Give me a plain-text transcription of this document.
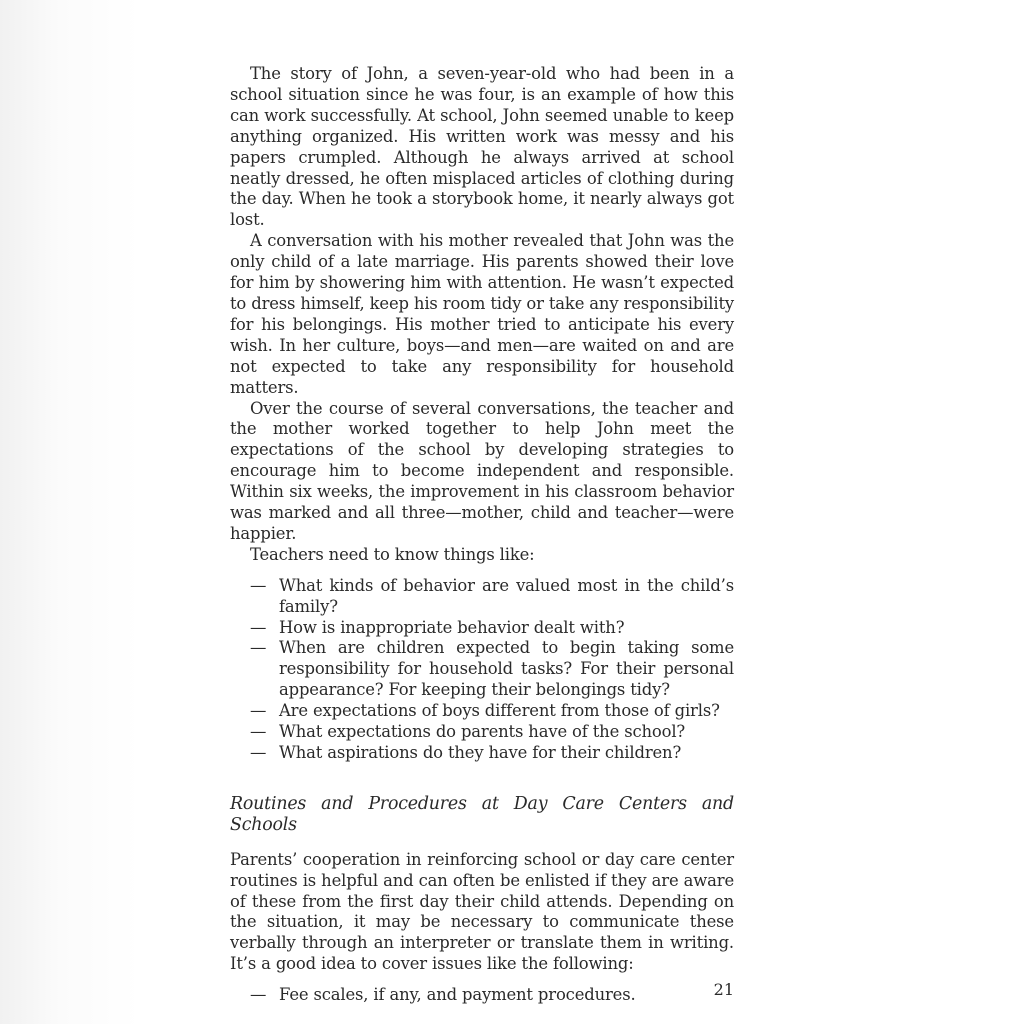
The story of John, a seven-year-old who had been in a school situation since he was four, is an example of how this can work successfully. At school, John seemed unable to keep anything organized. His written work was messy and his papers crumpled. Although he always arrived at school neatly dressed, he often misplaced articles of clothing during the day. When he took a storybook home, it nearly always got lost.

A conversation with his mother revealed that John was the only child of a late marriage. His parents showed their love for him by showering him with attention. He wasn’t expected to dress himself, keep his room tidy or take any responsibility for his belongings. His mother tried to anticipate his every wish. In her culture, boys—and men—are waited on and are not expected to take any responsibility for household matters.

Over the course of several conversations, the teacher and the mother worked together to help John meet the expectations of the school by developing strategies to encourage him to become independent and responsible. Within six weeks, the improvement in his classroom behavior was marked and all three—mother, child and teacher—were happier.

Teachers need to know things like:

— What kinds of behavior are valued most in the child’s family?
— How is inappropriate behavior dealt with?
— When are children expected to begin taking some responsibility for household tasks? For their personal appearance? For keeping their belongings tidy?
— Are expectations of boys different from those of girls?
— What expectations do parents have of the school?
— What aspirations do they have for their children?

Routines and Procedures at Day Care Centers and Schools

Parents’ cooperation in reinforcing school or day care center routines is helpful and can often be enlisted if they are aware of these from the first day their child attends. Depending on the situation, it may be necessary to communicate these verbally through an interpreter or translate them in writing. It’s a good idea to cover issues like the following:

— Fee scales, if any, and payment procedures.	21
